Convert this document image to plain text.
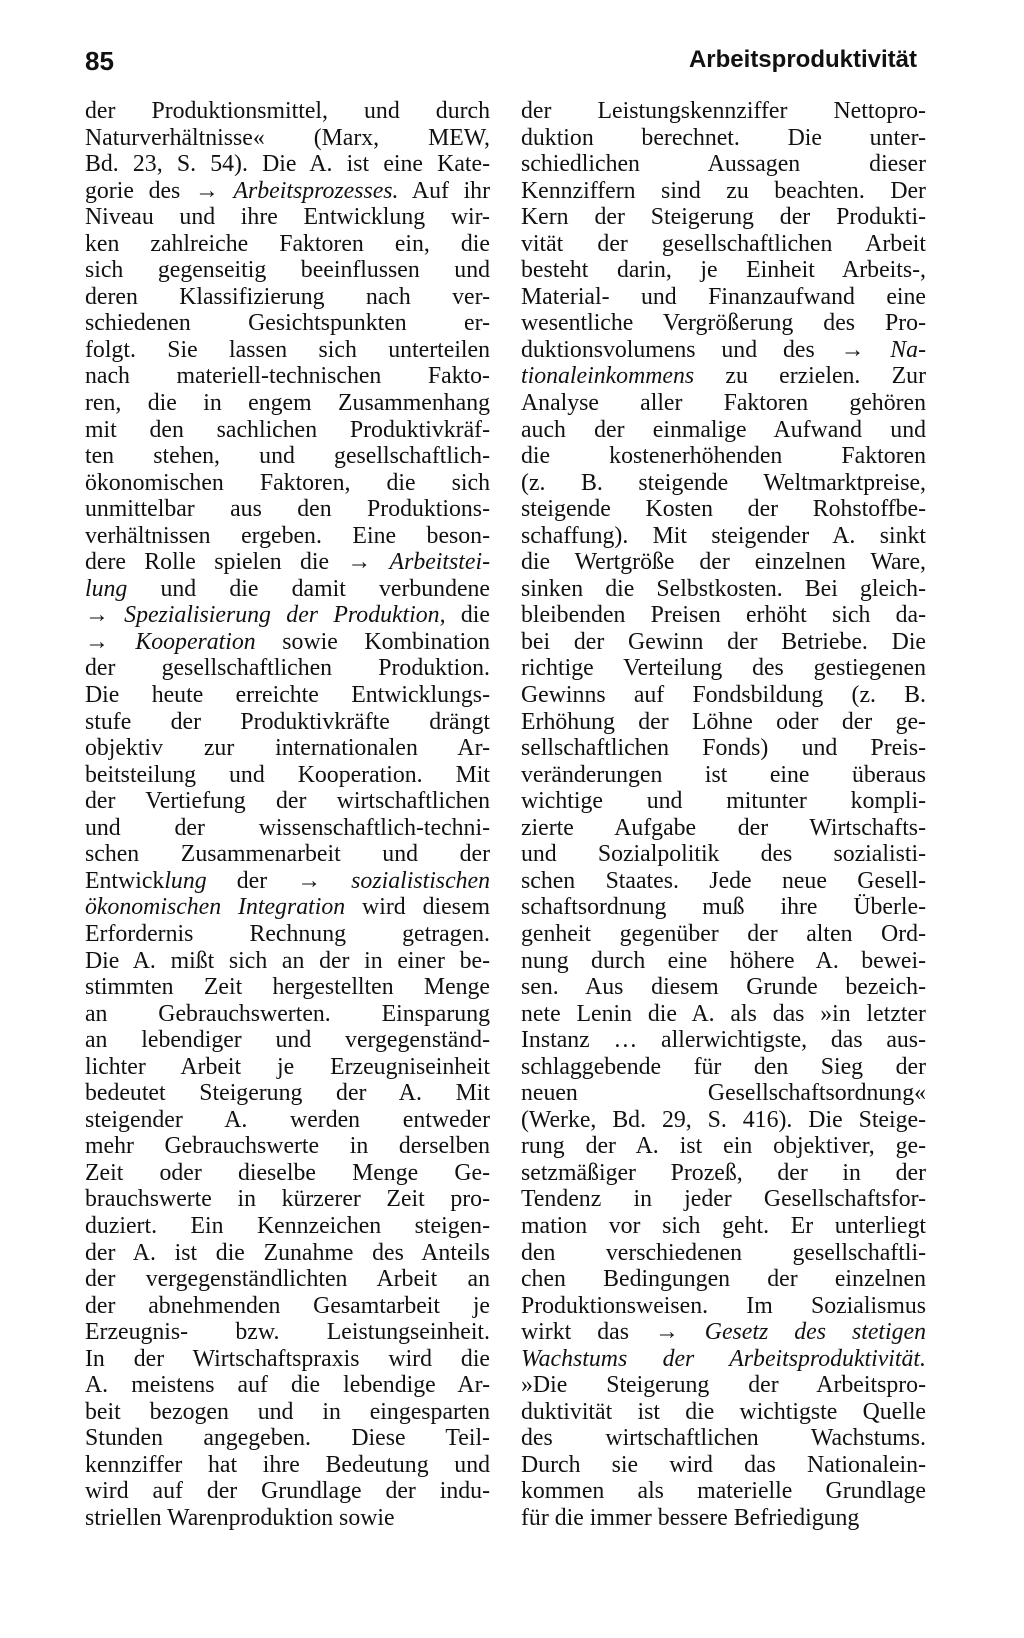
85	Arbeitsproduktivität
der Produktionsmittel, und durch
Naturverhältnisse« (Marx, MEW,
Bd. 23, S. 54). Die A. ist eine Kate-
gorie des → Arbeitsprozesses. Auf ihr
Niveau und ihre Entwicklung wir-
ken zahlreiche Faktoren ein, die
sich gegenseitig beeinflussen und
deren Klassifizierung nach ver-
schiedenen Gesichtspunkten er-
folgt. Sie lassen sich unterteilen
nach materiell-technischen Fakto-
ren, die in engem Zusammenhang
mit den sachlichen Produktivkräf-
ten stehen, und gesellschaftlich-
ökonomischen Faktoren, die sich
unmittelbar aus den Produktions-
verhältnissen ergeben. Eine beson-
dere Rolle spielen die → Arbeitstei-
lung und die damit verbundene
→ Spezialisierung der Produktion, die
→ Kooperation sowie Kombination
der gesellschaftlichen Produktion.
Die heute erreichte Entwicklungs-
stufe der Produktivkräfte drängt
objektiv zur internationalen Ar-
beitsteilung und Kooperation. Mit
der Vertiefung der wirtschaftlichen
und der wissenschaftlich-techni-
schen Zusammenarbeit und der
Entwicklung der → sozialistischen
ökonomischen Integration wird diesem
Erfordernis Rechnung getragen.
Die A. mißt sich an der in einer be-
stimmten Zeit hergestellten Menge
an Gebrauchswerten. Einsparung
an lebendiger und vergegenständ-
lichter Arbeit je Erzeugniseinheit
bedeutet Steigerung der A. Mit
steigender A. werden entweder
mehr Gebrauchswerte in derselben
Zeit oder dieselbe Menge Ge-
brauchswerte in kürzerer Zeit pro-
duziert. Ein Kennzeichen steigen-
der A. ist die Zunahme des Anteils
der vergegenständlichten Arbeit an
der abnehmenden Gesamtarbeit je
Erzeugnis- bzw. Leistungseinheit.
In der Wirtschaftspraxis wird die
A. meistens auf die lebendige Ar-
beit bezogen und in eingesparten
Stunden angegeben. Diese Teil-
kennziffer hat ihre Bedeutung und
wird auf der Grundlage der indu-
striellen Warenproduktion sowie
der Leistungskennziffer Nettopro-
duktion berechnet. Die unter-
schiedlichen Aussagen dieser
Kennziffern sind zu beachten. Der
Kern der Steigerung der Produkti-
vität der gesellschaftlichen Arbeit
besteht darin, je Einheit Arbeits-,
Material- und Finanzaufwand eine
wesentliche Vergrößerung des Pro-
duktionsvolumens und des → Na-
tionaleinkommens zu erzielen. Zur
Analyse aller Faktoren gehören
auch der einmalige Aufwand und
die kostenerhöhenden Faktoren
(z. B. steigende Weltmarktpreise,
steigende Kosten der Rohstoffbe-
schaffung). Mit steigender A. sinkt
die Wertgröße der einzelnen Ware,
sinken die Selbstkosten. Bei gleich-
bleibenden Preisen erhöht sich da-
bei der Gewinn der Betriebe. Die
richtige Verteilung des gestiegenen
Gewinns auf Fondsbildung (z. B.
Erhöhung der Löhne oder der ge-
sellschaftlichen Fonds) und Preis-
veränderungen ist eine überaus
wichtige und mitunter kompli-
zierte Aufgabe der Wirtschafts-
und Sozialpolitik des sozialisti-
schen Staates. Jede neue Gesell-
schaftsordnung muß ihre Überle-
genheit gegenüber der alten Ord-
nung durch eine höhere A. bewei-
sen. Aus diesem Grunde bezeich-
nete Lenin die A. als das »in letzter
Instanz … allerwichtigste, das aus-
schlaggebende für den Sieg der
neuen Gesellschaftsordnung«
(Werke, Bd. 29, S. 416). Die Steige-
rung der A. ist ein objektiver, ge-
setzmäßiger Prozeß, der in der
Tendenz in jeder Gesellschaftsfor-
mation vor sich geht. Er unterliegt
den verschiedenen gesellschaftli-
chen Bedingungen der einzelnen
Produktionsweisen. Im Sozialismus
wirkt das → Gesetz des stetigen
Wachstums der Arbeitsproduktivität.
»Die Steigerung der Arbeitspro-
duktivität ist die wichtigste Quelle
des wirtschaftlichen Wachstums.
Durch sie wird das Nationalein-
kommen als materielle Grundlage
für die immer bessere Befriedigung
